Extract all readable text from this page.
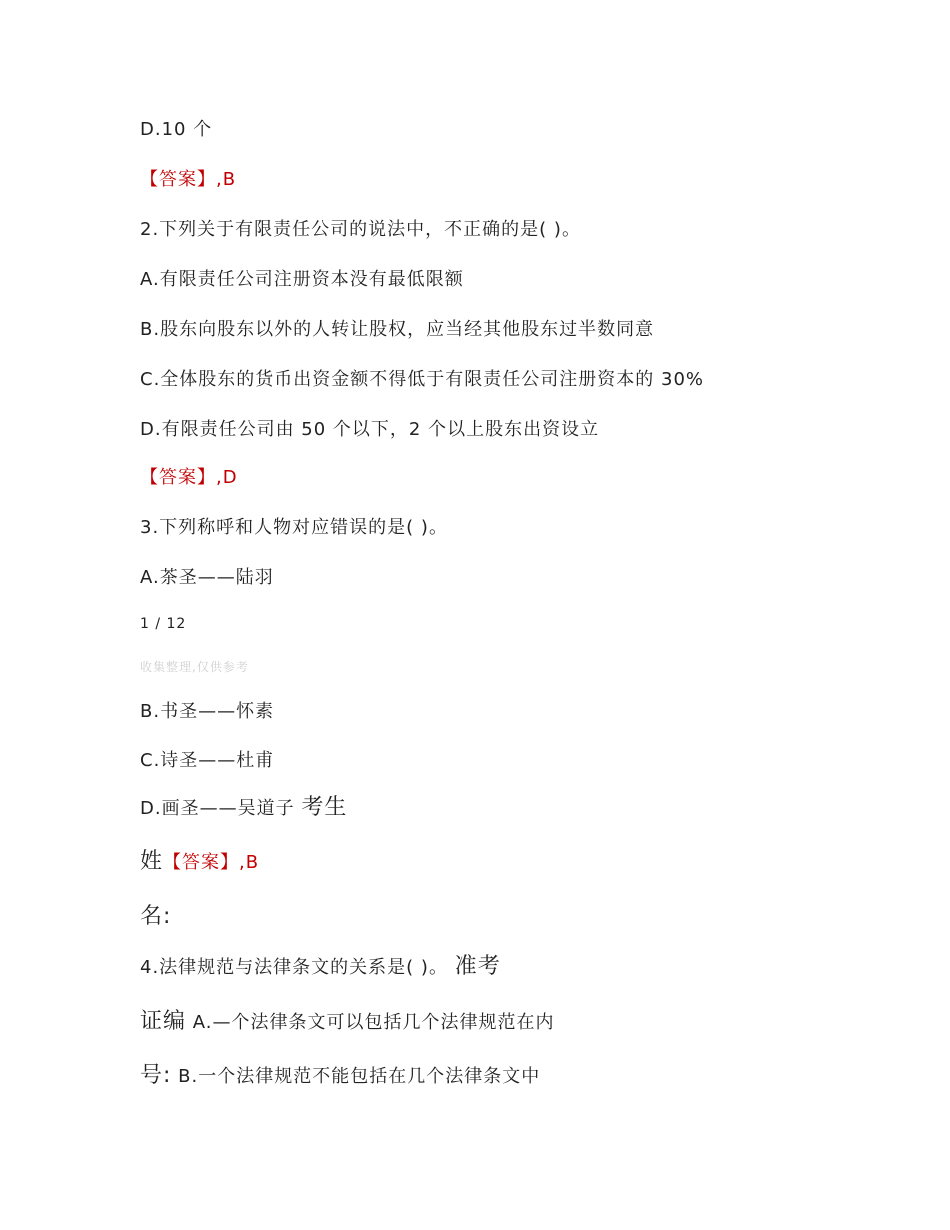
D.10 个
【答案】,B
2.下列关于有限责任公司的说法中，不正确的是( )。
A.有限责任公司注册资本没有最低限额
B.股东向股东以外的人转让股权，应当经其他股东过半数同意
C.全体股东的货币出资金额不得低于有限责任公司注册资本的 30%
D.有限责任公司由 50 个以下，2 个以上股东出资设立
【答案】,D
3.下列称呼和人物对应错误的是( )。
A.茶圣——陆羽
1 / 12
收集整理,仅供参考
B.书圣——怀素
C.诗圣——杜甫
D.画圣——吴道子 考生
姓【答案】,B
名:
4.法律规范与法律条文的关系是( )。 准考
证编 A.—个法律条文可以包括几个法律规范在内
号: B.一个法律规范不能包括在几个法律条文中
